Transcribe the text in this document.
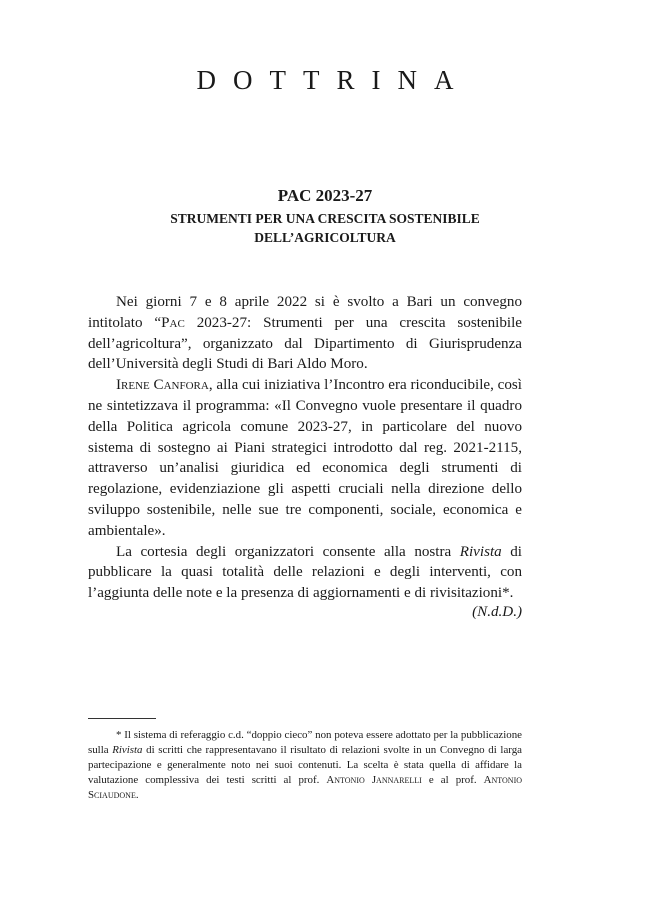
DOTTRINA
PAC 2023-27
STRUMENTI PER UNA CRESCITA SOSTENIBILE
DELL’AGRICOLTURA

Nei giorni 7 e 8 aprile 2022 si è svolto a Bari un convegno intitolato “Pac 2023-27: Strumenti per una crescita sostenibile dell’agricoltura”, organizzato dal Dipartimento di Giurisprudenza dell’Università degli Studi di Bari Aldo Moro.

Irene Canfora, alla cui iniziativa l’Incontro era riconducibile, così ne sintetizzava il programma: «Il Convegno vuole presentare il quadro della Politica agricola comune 2023-27, in particolare del nuovo sistema di sostegno ai Piani strategici introdotto dal reg. 2021-2115, attraverso un’analisi giuridica ed economica degli strumenti di regolazione, evidenziazione gli aspetti cruciali nella direzione dello sviluppo sostenibile, nelle sue tre componenti, sociale, economica e ambientale».

La cortesia degli organizzatori consente alla nostra Rivista di pubblicare la quasi totalità delle relazioni e degli interventi, con l’aggiunta delle note e la presenza di aggiornamenti e di rivisitazioni*.

(N.d.D.)

* Il sistema di referaggio c.d. “doppio cieco” non poteva essere adottato per la pubblicazione sulla Rivista di scritti che rappresentavano il risultato di relazioni svolte in un Convegno di larga partecipazione e generalmente noto nei suoi contenuti. La scelta è stata quella di affidare la valutazione complessiva dei testi scritti al prof. Antonio Jannarelli e al prof. Antonio Sciaudone.
